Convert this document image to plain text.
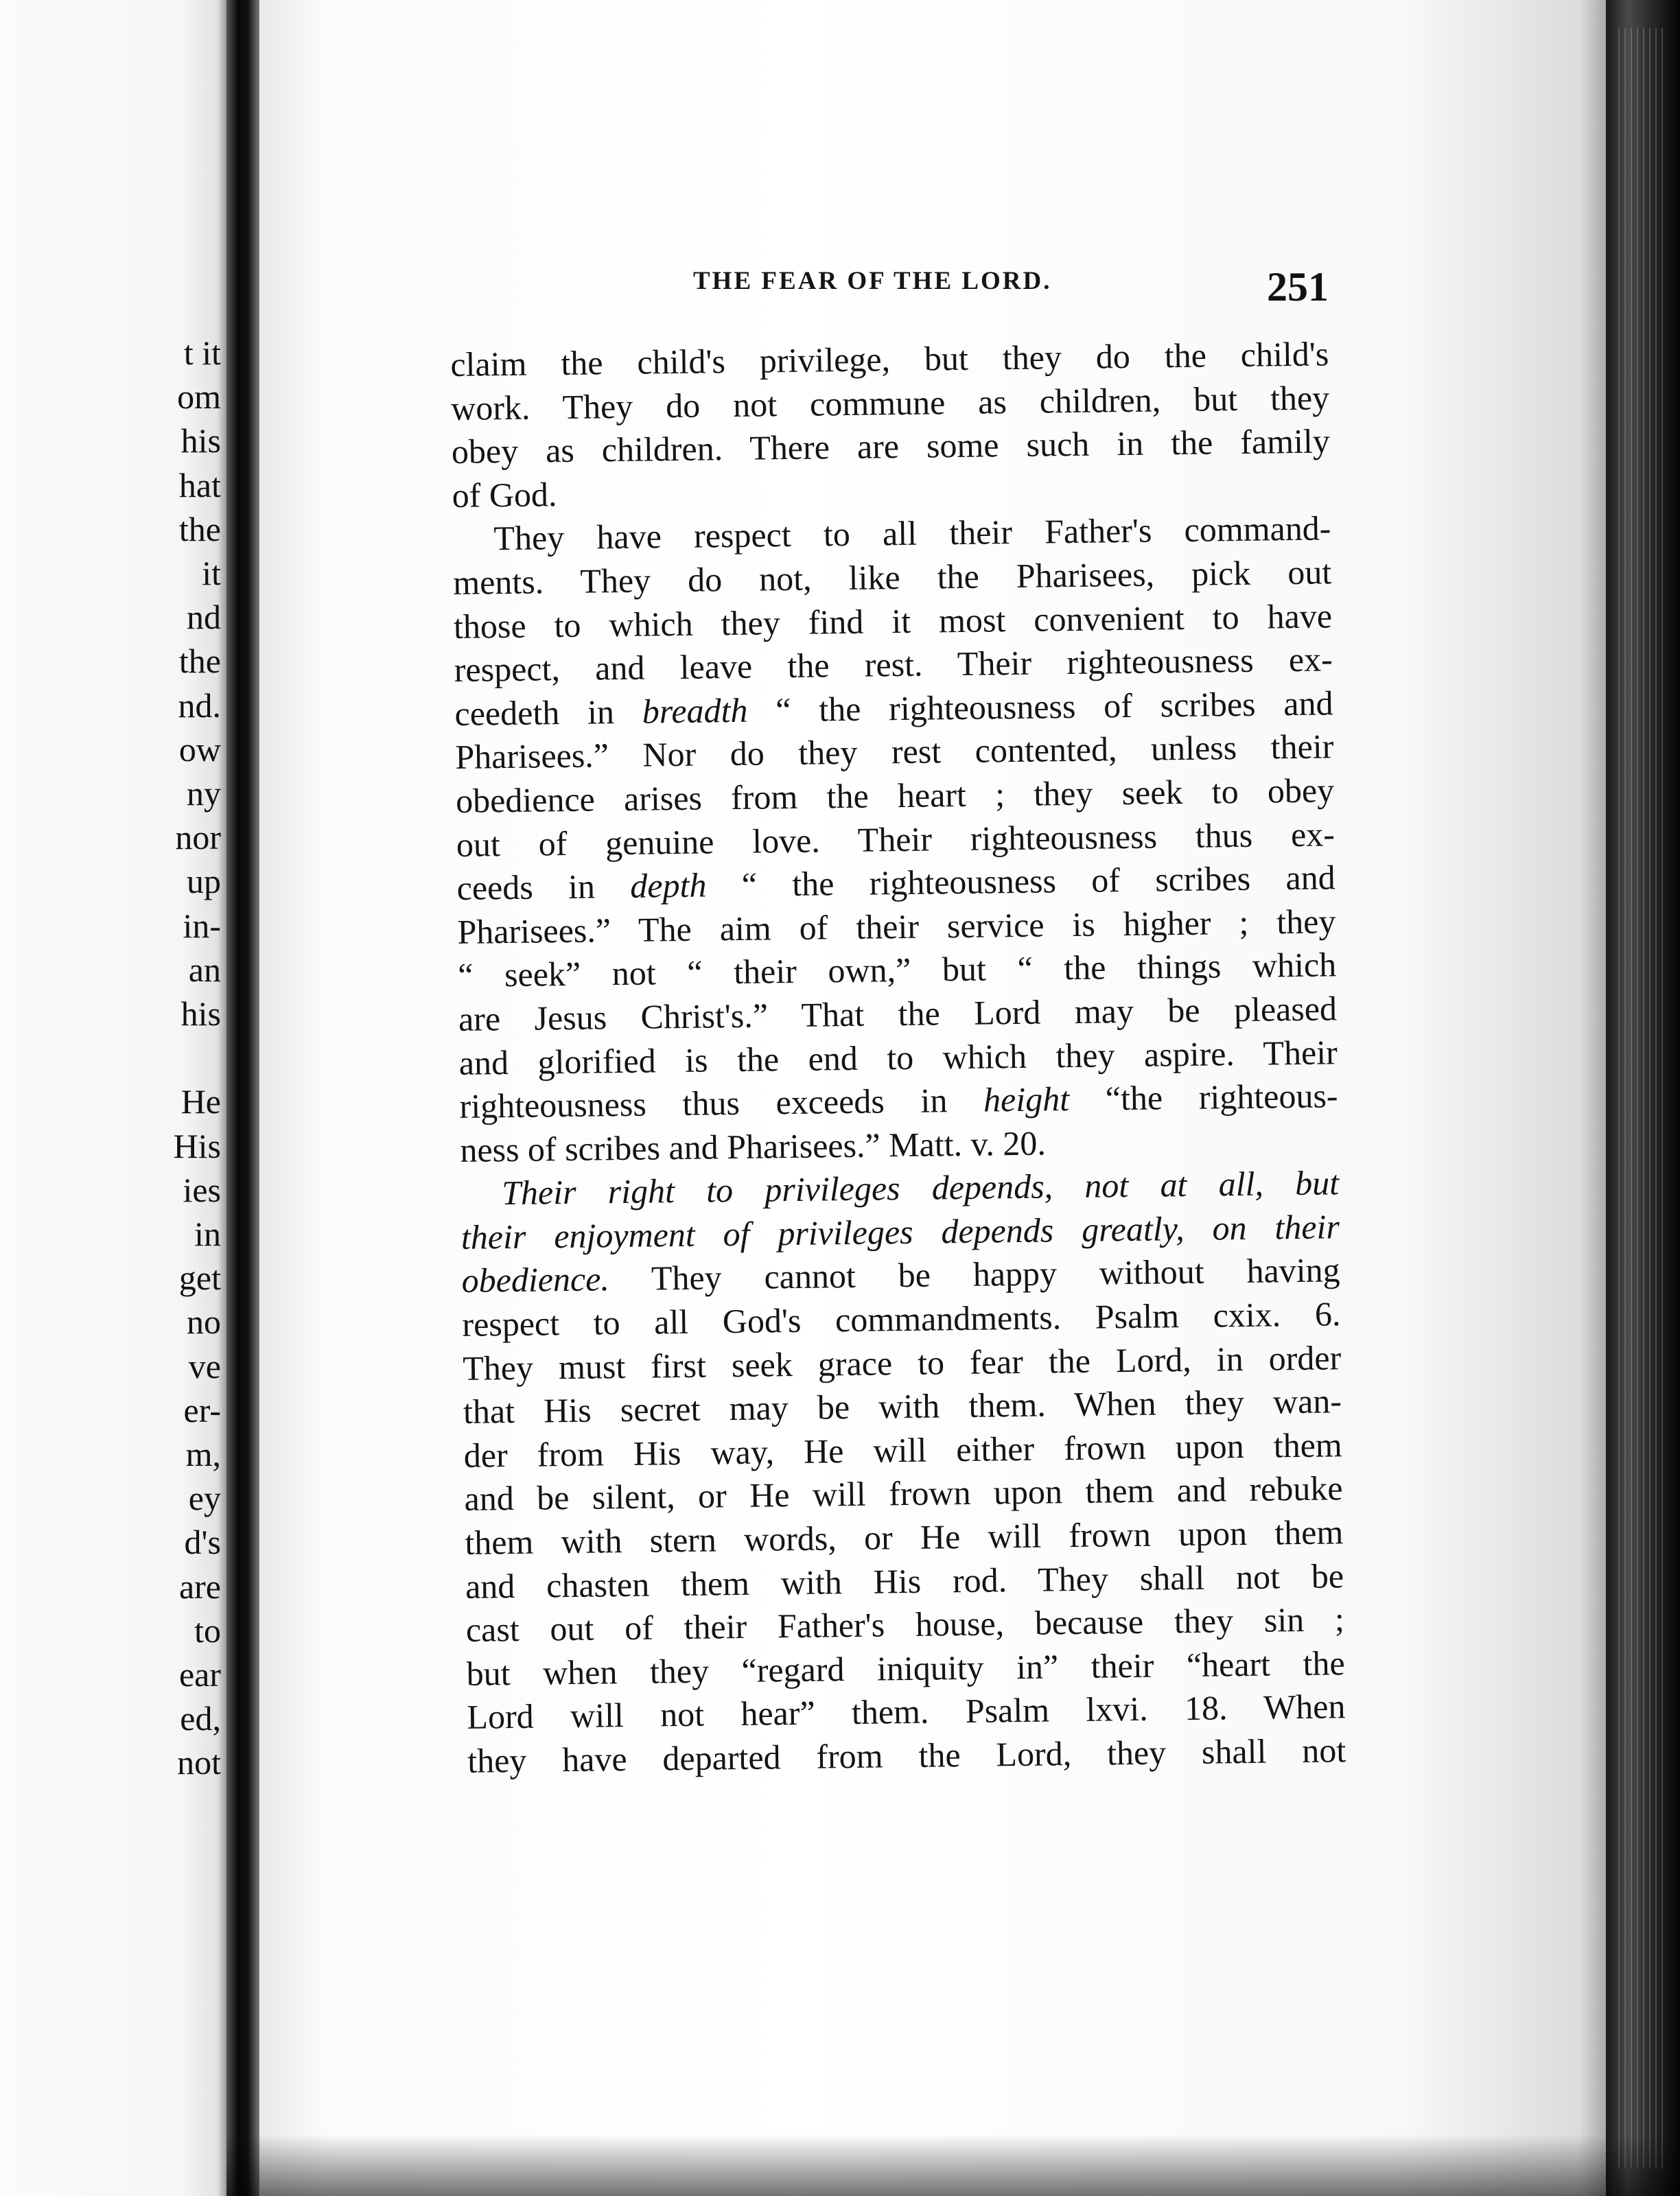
t it
om
his
hat
the
it
nd
the
nd.
ow
ny
nor
up
in-
an
his
He
His
ies
in
get
no
ve
er-
m,
ey
d's
are
to
ear
ed,
not
THE FEAR OF THE LORD.	251
claim the child's privilege, but they do the child's
work. They do not commune as children, but they
obey as children. There are some such in the family
of God.
They have respect to all their Father's command-
ments. They do not, like the Pharisees, pick out
those to which they find it most convenient to have
respect, and leave the rest. Their righteousness ex-
ceedeth in breadth “ the righteousness of scribes and
Pharisees.” Nor do they rest contented, unless their
obedience arises from the heart ; they seek to obey
out of genuine love. Their righteousness thus ex-
ceeds in depth “ the righteousness of scribes and
Pharisees.” The aim of their service is higher ; they
“ seek” not “ their own,” but “ the things which
are Jesus Christ's.” That the Lord may be pleased
and glorified is the end to which they aspire. Their
righteousness thus exceeds in height “the righteous-
ness of scribes and Pharisees.” Matt. v. 20.
Their right to privileges depends, not at all, but
their enjoyment of privileges depends greatly, on their
obedience. They cannot be happy without having
respect to all God's commandments. Psalm cxix. 6.
They must first seek grace to fear the Lord, in order
that His secret may be with them. When they wan-
der from His way, He will either frown upon them
and be silent, or He will frown upon them and rebuke
them with stern words, or He will frown upon them
and chasten them with His rod. They shall not be
cast out of their Father's house, because they sin ;
but when they “regard iniquity in” their “heart the
Lord will not hear” them. Psalm lxvi. 18. When
they have departed from the Lord, they shall not
